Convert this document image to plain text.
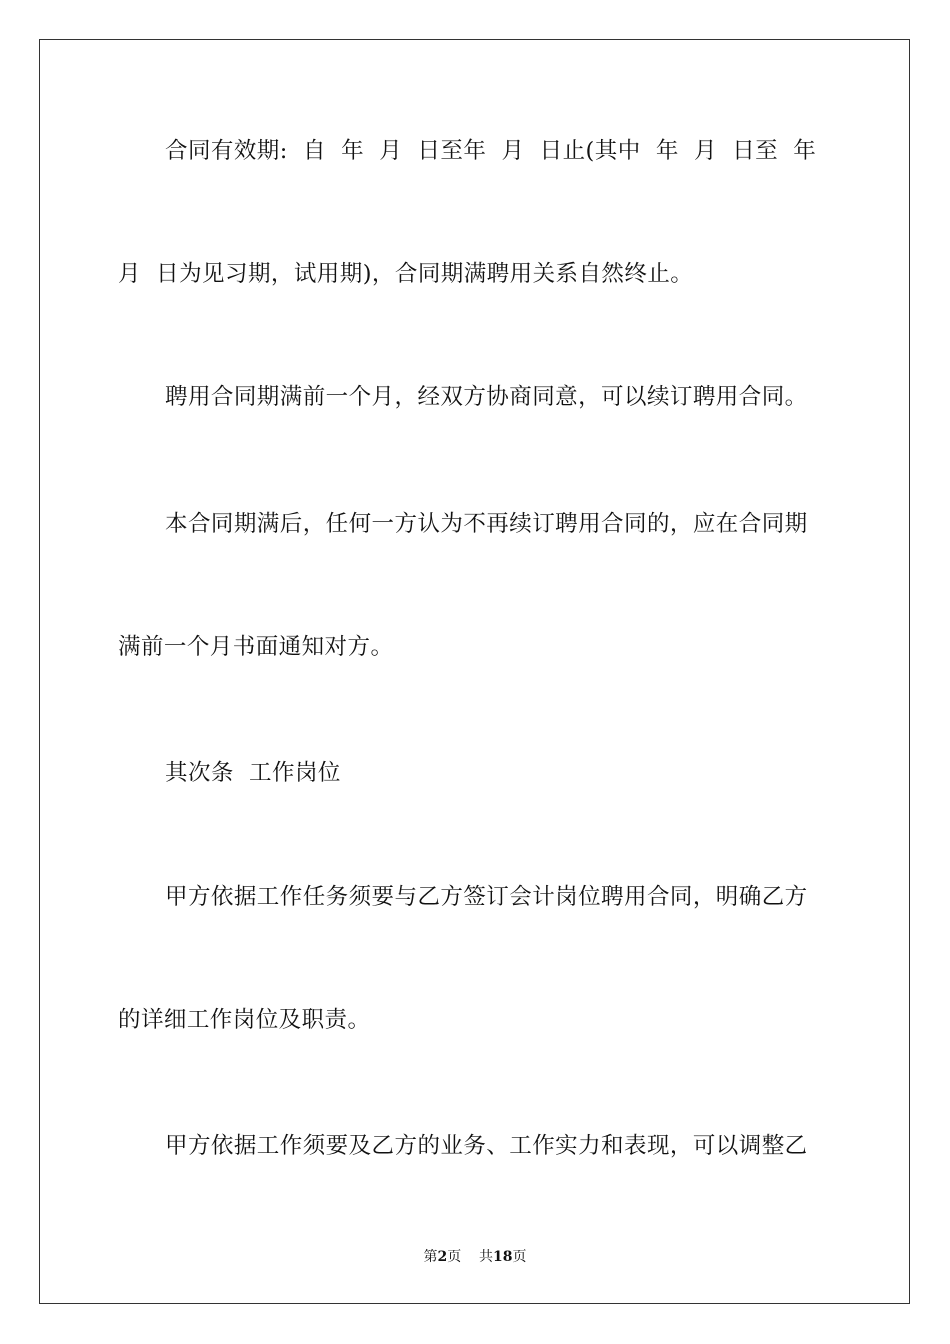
合同有效期:  自  年  月  日至年  月  日止(其中  年  月  日至  年
月  日为见习期，试用期)，合同期满聘用关系自然终止。
聘用合同期满前一个月，经双方协商同意，可以续订聘用合同。
本合同期满后，任何一方认为不再续订聘用合同的，应在合同期
满前一个月书面通知对方。
其次条  工作岗位
甲方依据工作任务须要与乙方签订会计岗位聘用合同，明确乙方
的详细工作岗位及职责。
甲方依据工作须要及乙方的业务、工作实力和表现，可以调整乙
第2页 共18页
